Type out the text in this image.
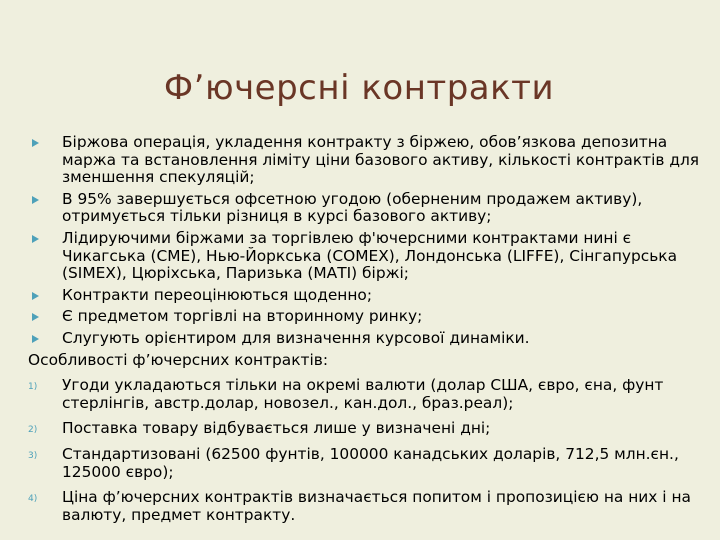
Ф’ючерсні контракти
Біржова операція, укладення контракту з біржею, обов’язкова депозитна маржа та встановлення ліміту ціни базового активу, кількості контрактів для зменшення спекуляцій;
В 95% завершується офсетною угодою (оберненим продажем активу), отримується тільки різниця в курсі базового активу;
Лідируючими біржами за торгівлею ф'ючерсними контрактами нині є Чикагська (СМЕ), Нью-Йоркська (СОМЕХ), Лондонська (LIFFE), Сінгапурська (SIMEX), Цюріхська, Паризька (МАТІ) біржі;
Контракти переоцінюються щоденно;
Є предметом торгівлі на вторинному ринку;
Слугують орієнтиром для визначення курсової динаміки.
Особливості ф’ючерсних контрактів:
1) Угоди укладаються тільки на окремі валюти (долар США, євро, єна, фунт стерлінгів, австр.долар, новозел., кан.дол., браз.реал);
2) Поставка товару відбувається лише у визначені дні;
3) Стандартизовані (62500 фунтів, 100000 канадських доларів, 712,5 млн.єн., 125000 євро);
4) Ціна ф’ючерсних контрактів визначається попитом і пропозицією на них і на валюту, предмет контракту.
